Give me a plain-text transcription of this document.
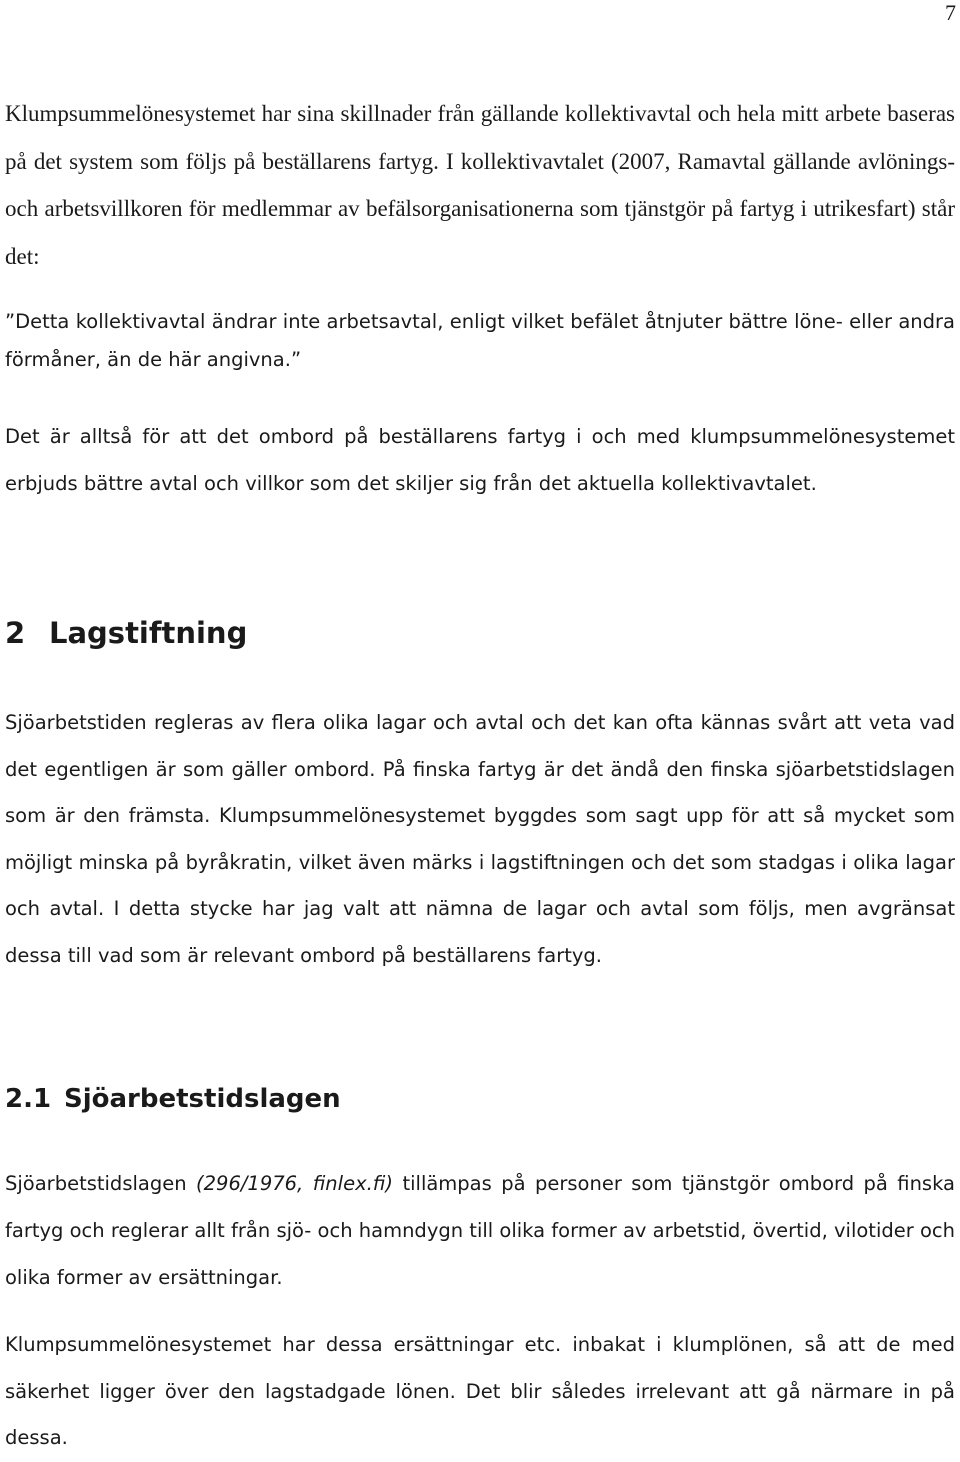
7

Klumpsummelönesystemet har sina skillnader från gällande kollektivavtal och hela mitt arbete baseras på det system som följs på beställarens fartyg. I kollektivavtalet (2007, Ramavtal gällande avlönings- och arbetsvillkoren för medlemmar av befälsorganisationerna som tjänstgör på fartyg i utrikesfart) står det:

”Detta kollektivavtal ändrar inte arbetsavtal, enligt vilket befälet åtnjuter bättre löne- eller andra förmåner, än de här angivna.”

Det är alltså för att det ombord på beställarens fartyg i och med klumpsummelönesystemet erbjuds bättre avtal och villkor som det skiljer sig från det aktuella kollektivavtalet.

2 Lagstiftning

Sjöarbetstiden regleras av flera olika lagar och avtal och det kan ofta kännas svårt att veta vad det egentligen är som gäller ombord. På finska fartyg är det ändå den finska sjöarbetstidslagen som är den främsta. Klumpsummelönesystemet byggdes som sagt upp för att så mycket som möjligt minska på byråkratin, vilket även märks i lagstiftningen och det som stadgas i olika lagar och avtal. I detta stycke har jag valt att nämna de lagar och avtal som följs, men avgränsat dessa till vad som är relevant ombord på beställarens fartyg.

2.1 Sjöarbetstidslagen

Sjöarbetstidslagen (296/1976, finlex.fi) tillämpas på personer som tjänstgör ombord på finska fartyg och reglerar allt från sjö- och hamndygn till olika former av arbetstid, övertid, vilotider och olika former av ersättningar.

Klumpsummelönesystemet har dessa ersättningar etc. inbakat i klumplönen, så att de med säkerhet ligger över den lagstadgade lönen. Det blir således irrelevant att gå närmare in på dessa.
